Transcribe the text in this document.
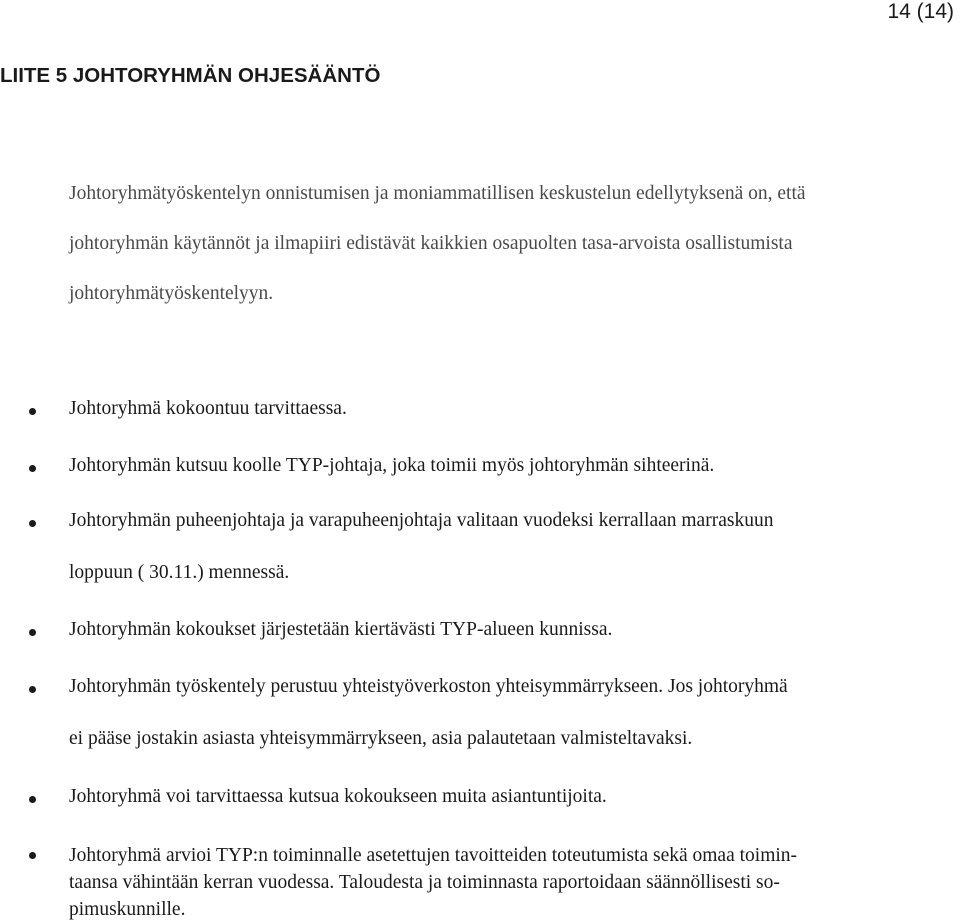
14 (14)
LIITE 5 JOHTORYHMÄN OHJESÄÄNTÖ

Johtoryhmätyöskentelyn onnistumisen ja moniammatillisen keskustelun edellytyksenä on, että
johtoryhmän käytännöt ja ilmapiiri edistävät kaikkien osapuolten tasa-arvoista osallistumista
johtoryhmätyöskentelyyn.

Johtoryhmä kokoontuu tarvittaessa.
Johtoryhmän kutsuu koolle TYP-johtaja, joka toimii myös johtoryhmän sihteerinä.
Johtoryhmän puheenjohtaja ja varapuheenjohtaja valitaan vuodeksi kerrallaan marraskuun
loppuun ( 30.11.) mennessä.
Johtoryhmän kokoukset järjestetään kiertävästi TYP-alueen kunnissa.
Johtoryhmän työskentely perustuu yhteistyöverkoston yhteisymmärrykseen. Jos johtoryhmä
ei pääse jostakin asiasta yhteisymmärrykseen, asia palautetaan valmisteltavaksi.
Johtoryhmä voi tarvittaessa kutsua kokoukseen muita asiantuntijoita.
Johtoryhmä arvioi TYP:n toiminnalle asetettujen tavoitteiden toteutumista sekä omaa toimin-
taansa vähintään kerran vuodessa. Taloudesta ja toiminnasta raportoidaan säännöllisesti so-
pimuskunnille.
